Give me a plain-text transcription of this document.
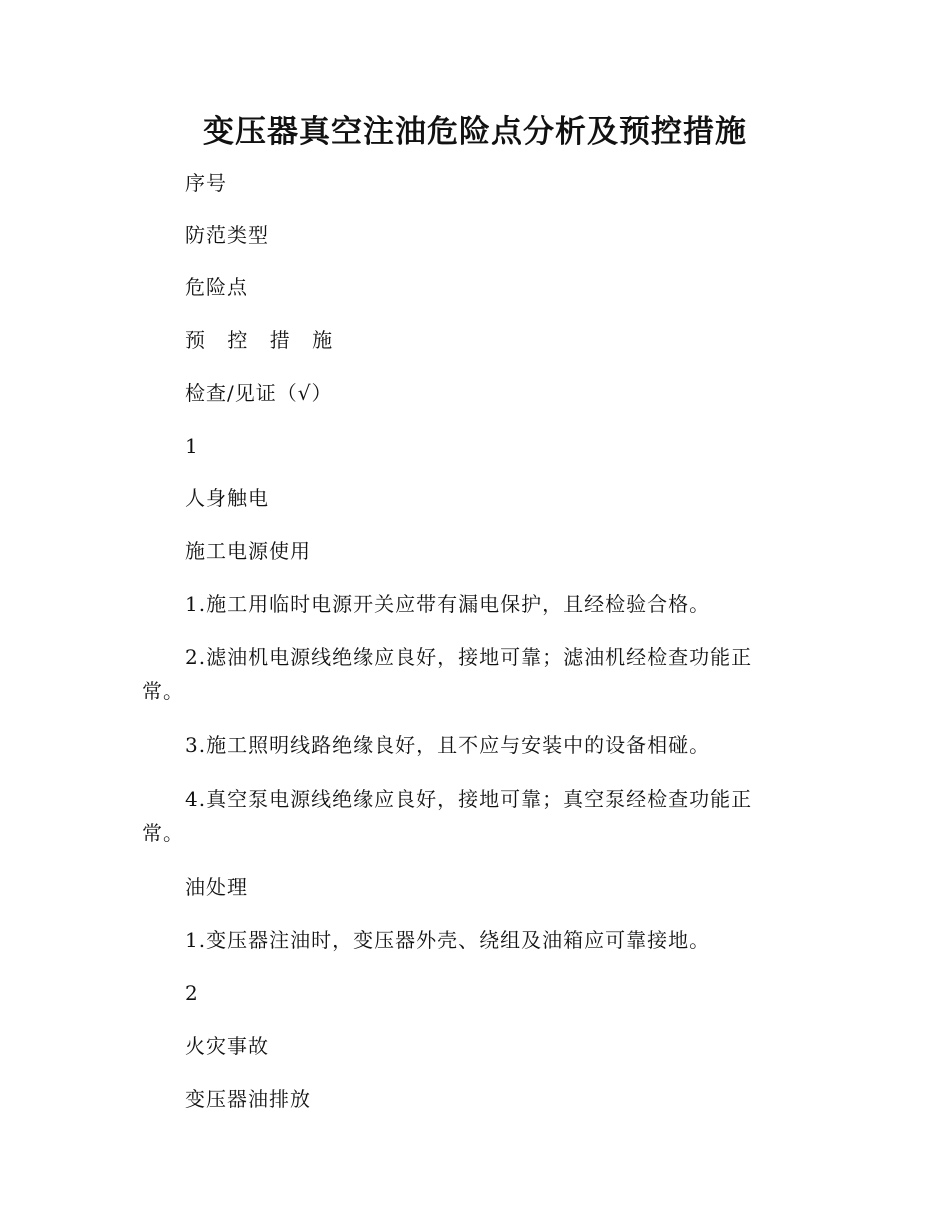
变压器真空注油危险点分析及预控措施

序号

防范类型

危险点

预 控 措 施

检查/见证（√）

1

人身触电

施工电源使用

1.施工用临时电源开关应带有漏电保护，且经检验合格。

2.滤油机电源线绝缘应良好，接地可靠；滤油机经检查功能正常。

3.施工照明线路绝缘良好，且不应与安装中的设备相碰。

4.真空泵电源线绝缘应良好，接地可靠；真空泵经检查功能正常。

油处理

1.变压器注油时，变压器外壳、绕组及油箱应可靠接地。

2

火灾事故

变压器油排放
